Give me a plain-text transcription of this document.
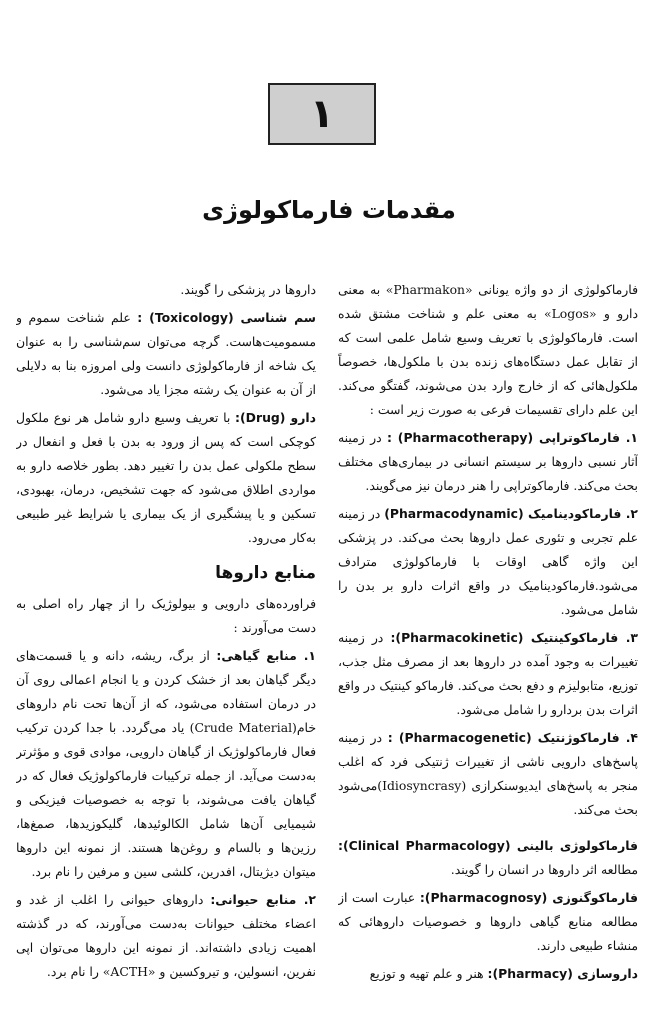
۱
مقدمات فارماکولوژی

فارماکولوژی از دو واژه یونانی «Pharmakon» به معنی دارو و «Logos» به معنی علم و شناخت مشتق شده است. فارماکولوژی با تعریف وسیع شامل علمی است که از تقابل عمل دستگاه‌های زنده بدن با ملکول‌ها، خصوصاً ملکول‌هائی که از خارج وارد بدن می‌شوند، گفتگو می‌کند. این علم دارای تقسیمات فرعی به صورت زیر است :

۱. فارماکوتراپی (Pharmacotherapy) : در زمینه آثار نسبی داروها بر سیستم انسانی در بیماری‌های مختلف بحث می‌کند. فارماکوتراپی را هنر درمان نیز می‌گویند.
۲. فارماکودینامیک (Pharmacodynamic) در زمینه علم تجربی و تئوری عمل داروها بحث می‌کند. در پزشکی این واژه گاهی اوقات با فارماکولوژی مترادف می‌شود.فارماکودینامیک در واقع اثرات دارو بر بدن را شامل می‌شود.
۳. فارماکوکینتیک (Pharmacokinetic): در زمینه تغییرات به وجود آمده در داروها بعد از مصرف مثل جذب، توزیع، متابولیزم و دفع بحث می‌کند. فارماکو کینتیک در واقع اثرات بدن بردارو را شامل می‌شود.
۴. فارماکوژنتیک (Pharmacogenetic) : در زمینه پاسخ‌های دارویی ناشی از تغییرات ژنتیکی فرد که اغلب منجر به پاسخ‌های ایدیوسنکرازی (Idiosyncrasy)می‌شود بحث می‌کند.
فارماکولوژی بالینی (Clinical Pharmacology): مطالعه اثر داروها در انسان را گویند.
فارماکوگنوزی (Pharmacognosy): عبارت است از مطالعه منابع گیاهی داروها و خصوصیات داروهائی که منشاء طبیعی دارند.
داروسازی (Pharmacy): هنر و علم تهیه و توزیع

داروها در پزشکی را گویند.

سم شناسی (Toxicology) : علم شناخت سموم و مسمومیت‌هاست. گرچه می‌توان سم‌شناسی را به عنوان یک شاخه از فارماکولوژی دانست ولی امروزه بنا به دلایلی از آن به عنوان یک رشته مجزا یاد می‌شود.
دارو (Drug): با تعریف وسیع دارو شامل هر نوع ملکول کوچکی است که پس از ورود به بدن با فعل و انفعال در سطح ملکولی عمل بدن را تغییر دهد. بطور خلاصه دارو به مواردی اطلاق می‌شود که جهت تشخیص، درمان، بهبودی، تسکین و یا پیشگیری از یک بیماری یا شرایط غیر طبیعی به‌کار می‌رود.
منابع داروها

فراورده‌های دارویی و بیولوژیک را از چهار راه اصلی به دست می‌آورند :

۱. منابع گیاهی: از برگ، ریشه، دانه و یا قسمت‌های دیگر گیاهان بعد از خشک کردن و یا انجام اعمالی روی آن در درمان استفاده می‌شود، که از آن‌ها تحت نام داروهای خام(Crude Material) یاد می‌گردد. با جدا کردن ترکیب فعال فارماکولوژیک از گیاهان دارویی، موادی قوی و مؤثرتر به‌دست می‌آید. از جمله ترکیبات فارماکولوژیک فعال که در گیاهان یافت می‌شوند، با توجه به خصوصیات فیزیکی و شیمیایی آن‌ها شامل الکالوئیدها، گلیکوزیدها، صمغ‌ها، رزین‌ها و بالسام و روغن‌ها هستند. از نمونه این داروها میتوان دیژیتال، افدرین، کلشی سین و مرفین را نام برد.
۲. منابع حیوانی: داروهای حیوانی را اغلب از غدد و اعضاء مختلف حیوانات به‌دست می‌آورند، که در گذشته اهمیت زیادی داشته‌اند. از نمونه این داروها می‌توان اپی نفرین، انسولین، و تیروکسین و «ACTH» را نام برد.
